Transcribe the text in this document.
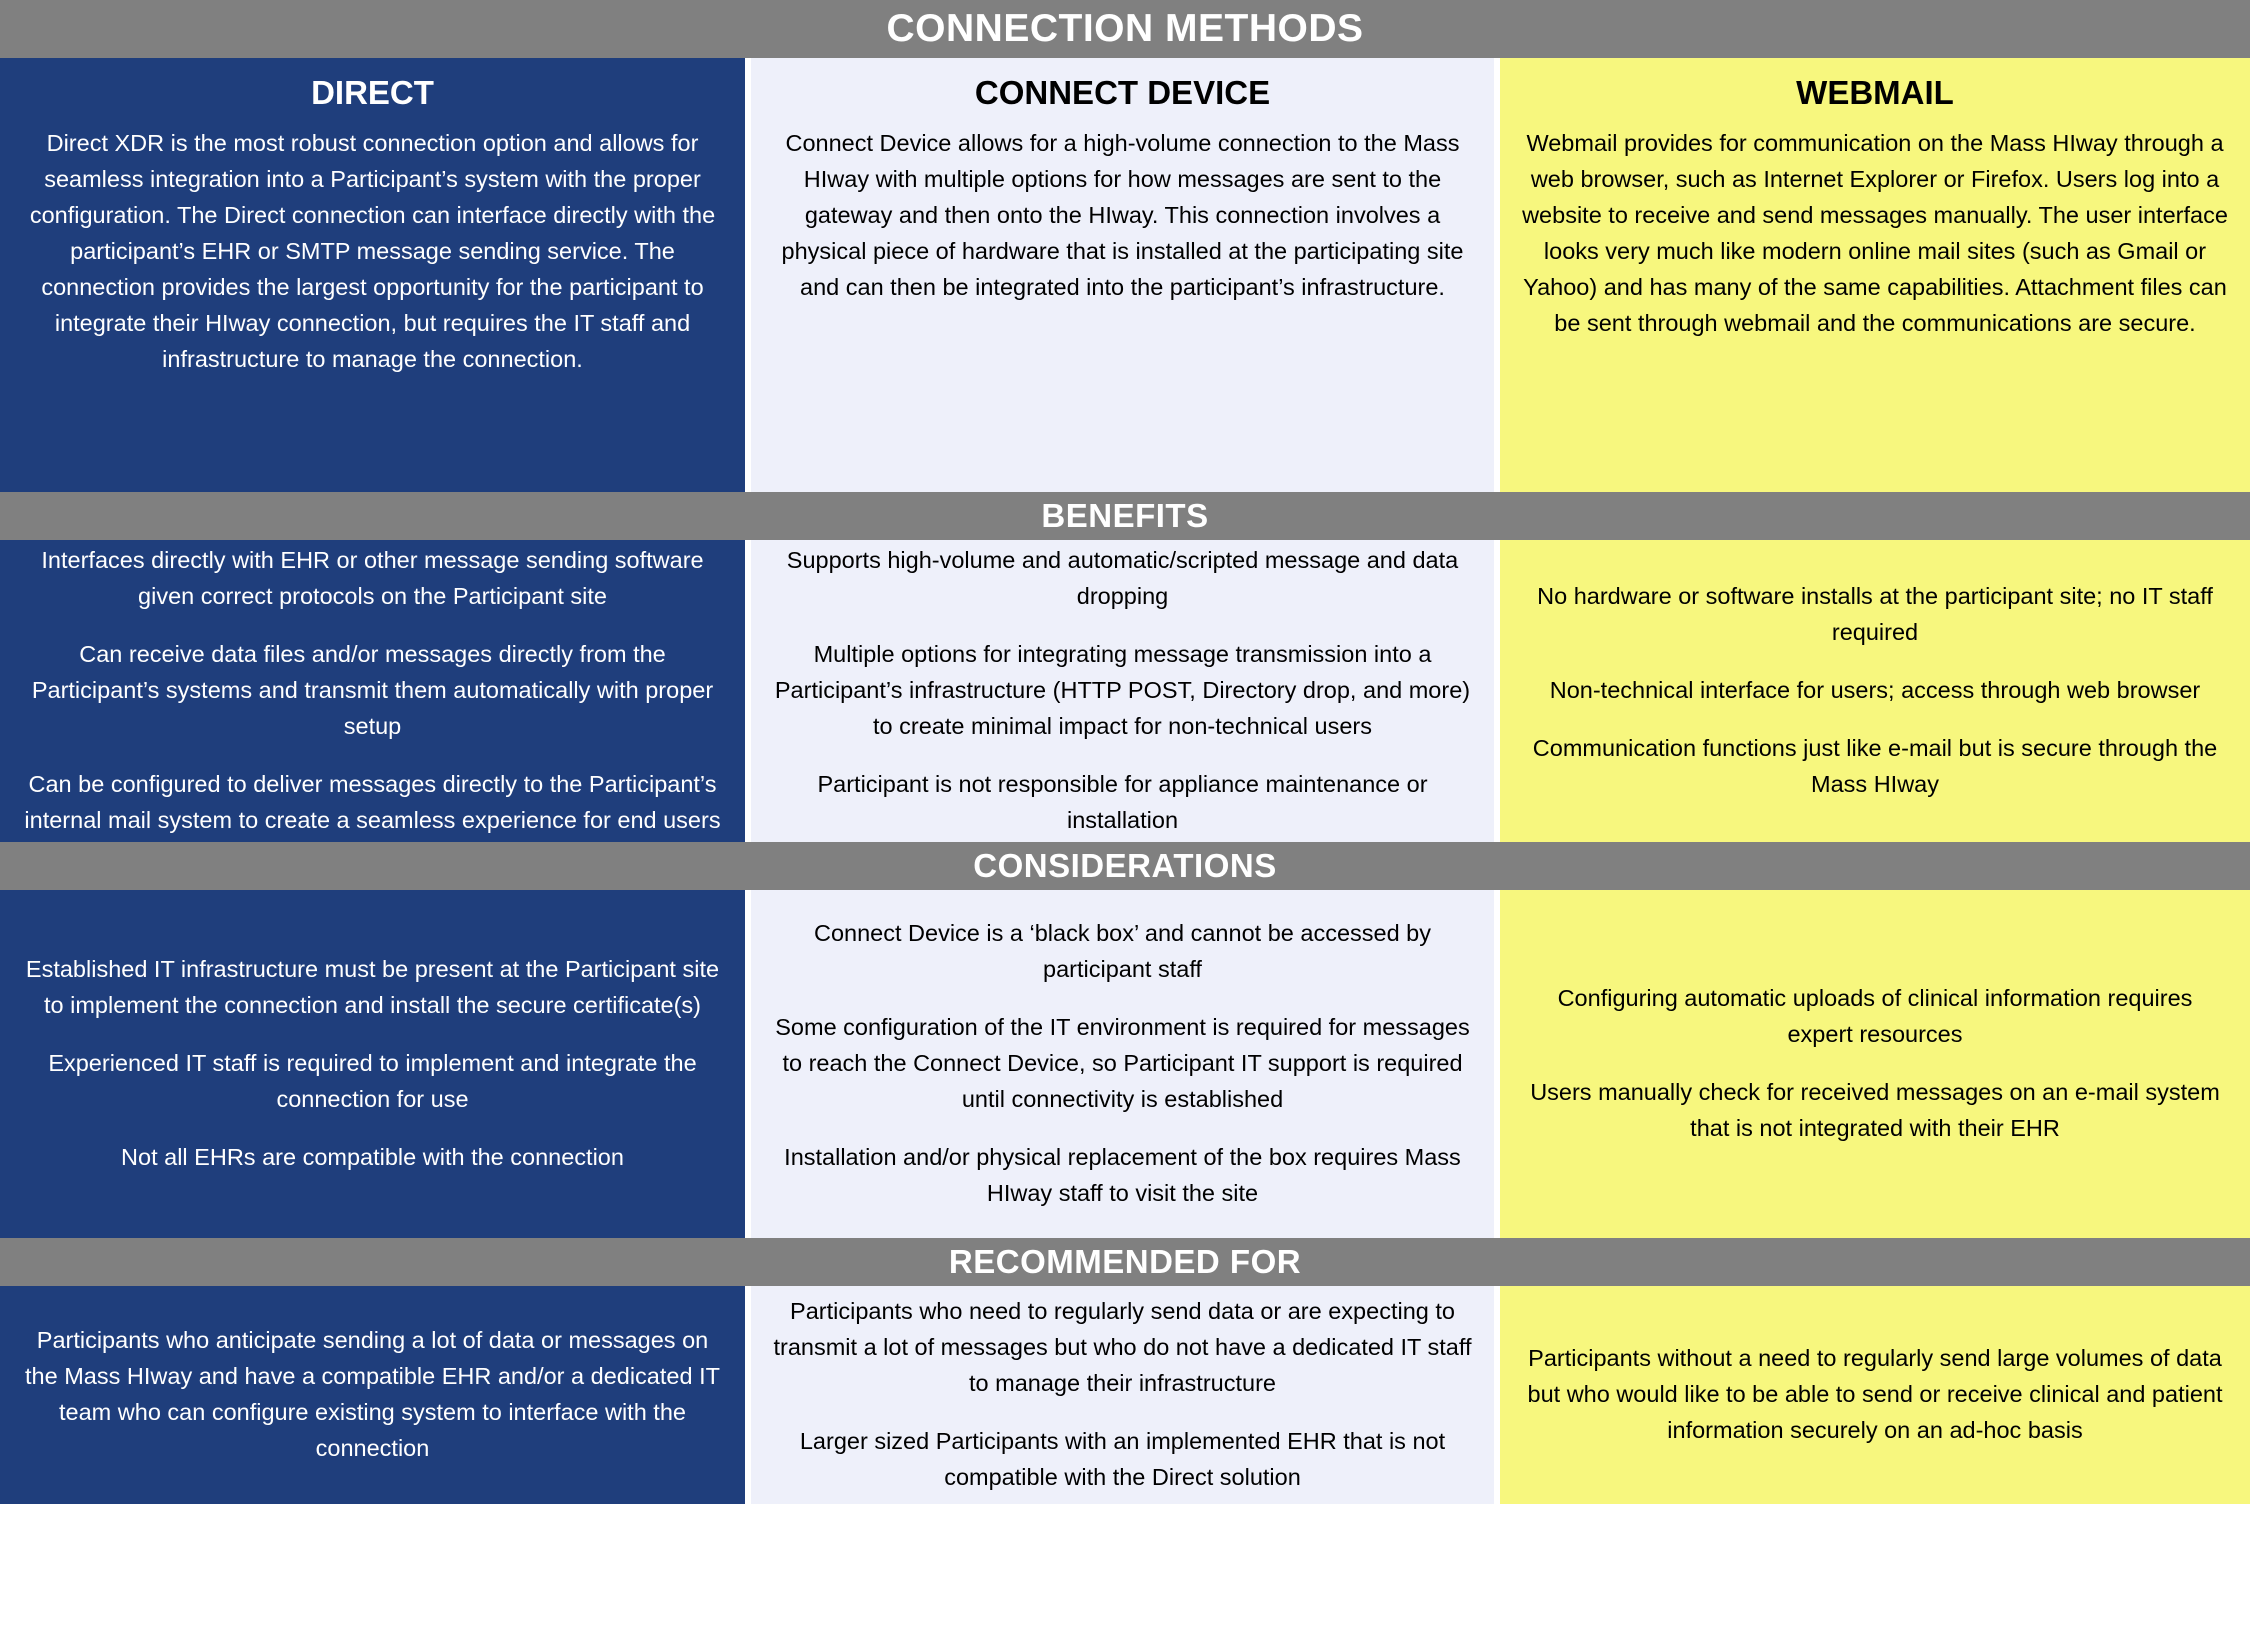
CONNECTION METHODS
DIRECT

Direct XDR is the most robust connection option and allows for seamless integration into a Participant’s system with the proper configuration. The Direct connection can interface directly with the participant’s EHR or SMTP message sending service. The connection provides the largest opportunity for the participant to integrate their HIway connection, but requires the IT staff and infrastructure to manage the connection.

CONNECT DEVICE

Connect Device allows for a high-volume connection to the Mass HIway with multiple options for how messages are sent to the gateway and then onto the HIway. This connection involves a physical piece of hardware that is installed at the participating site and can then be integrated into the participant’s infrastructure.

WEBMAIL

Webmail provides for communication on the Mass HIway through a web browser, such as Internet Explorer or Firefox. Users log into a website to receive and send messages manually. The user interface looks very much like modern online mail sites (such as Gmail or Yahoo) and has many of the same capabilities. Attachment files can be sent through webmail and the communications are secure.

BENEFITS
Interfaces directly with EHR or other message sending software given correct protocols on the Participant site
Can receive data files and/or messages directly from the Participant’s systems and transmit them automatically with proper setup
Can be configured to deliver messages directly to the Participant’s internal mail system to create a seamless experience for end users
Supports high-volume and automatic/scripted message and data dropping
Multiple options for integrating message transmission into a Participant’s infrastructure (HTTP POST, Directory drop, and more) to create minimal impact for non-technical users
Participant is not responsible for appliance maintenance or installation
No hardware or software installs at the participant site; no IT staff required
Non-technical interface for users; access through web browser
Communication functions just like e-mail but is secure through the Mass HIway
CONSIDERATIONS
Established IT infrastructure must be present at the Participant site to implement the connection and install the secure certificate(s)
Experienced IT staff is required to implement and integrate the connection for use
Not all EHRs are compatible with the connection
Connect Device is a ‘black box’ and cannot be accessed by participant staff
Some configuration of the IT environment is required for messages to reach the Connect Device, so Participant IT support is required until connectivity is established
Installation and/or physical replacement of the box requires Mass HIway staff to visit the site
Configuring automatic uploads of clinical information requires expert resources
Users manually check for received messages on an e-mail system that is not integrated with their EHR
RECOMMENDED FOR
Participants who anticipate sending a lot of data or messages on the Mass HIway and have a compatible EHR and/or a dedicated IT team who can configure existing system to interface with the connection
Participants who need to regularly send data or are expecting to transmit a lot of messages but who do not have a dedicated IT staff to manage their infrastructure
Larger sized Participants with an implemented EHR that is not compatible with the Direct solution
Participants without a need to regularly send large volumes of data but who would like to be able to send or receive clinical and patient information securely on an ad-hoc basis
